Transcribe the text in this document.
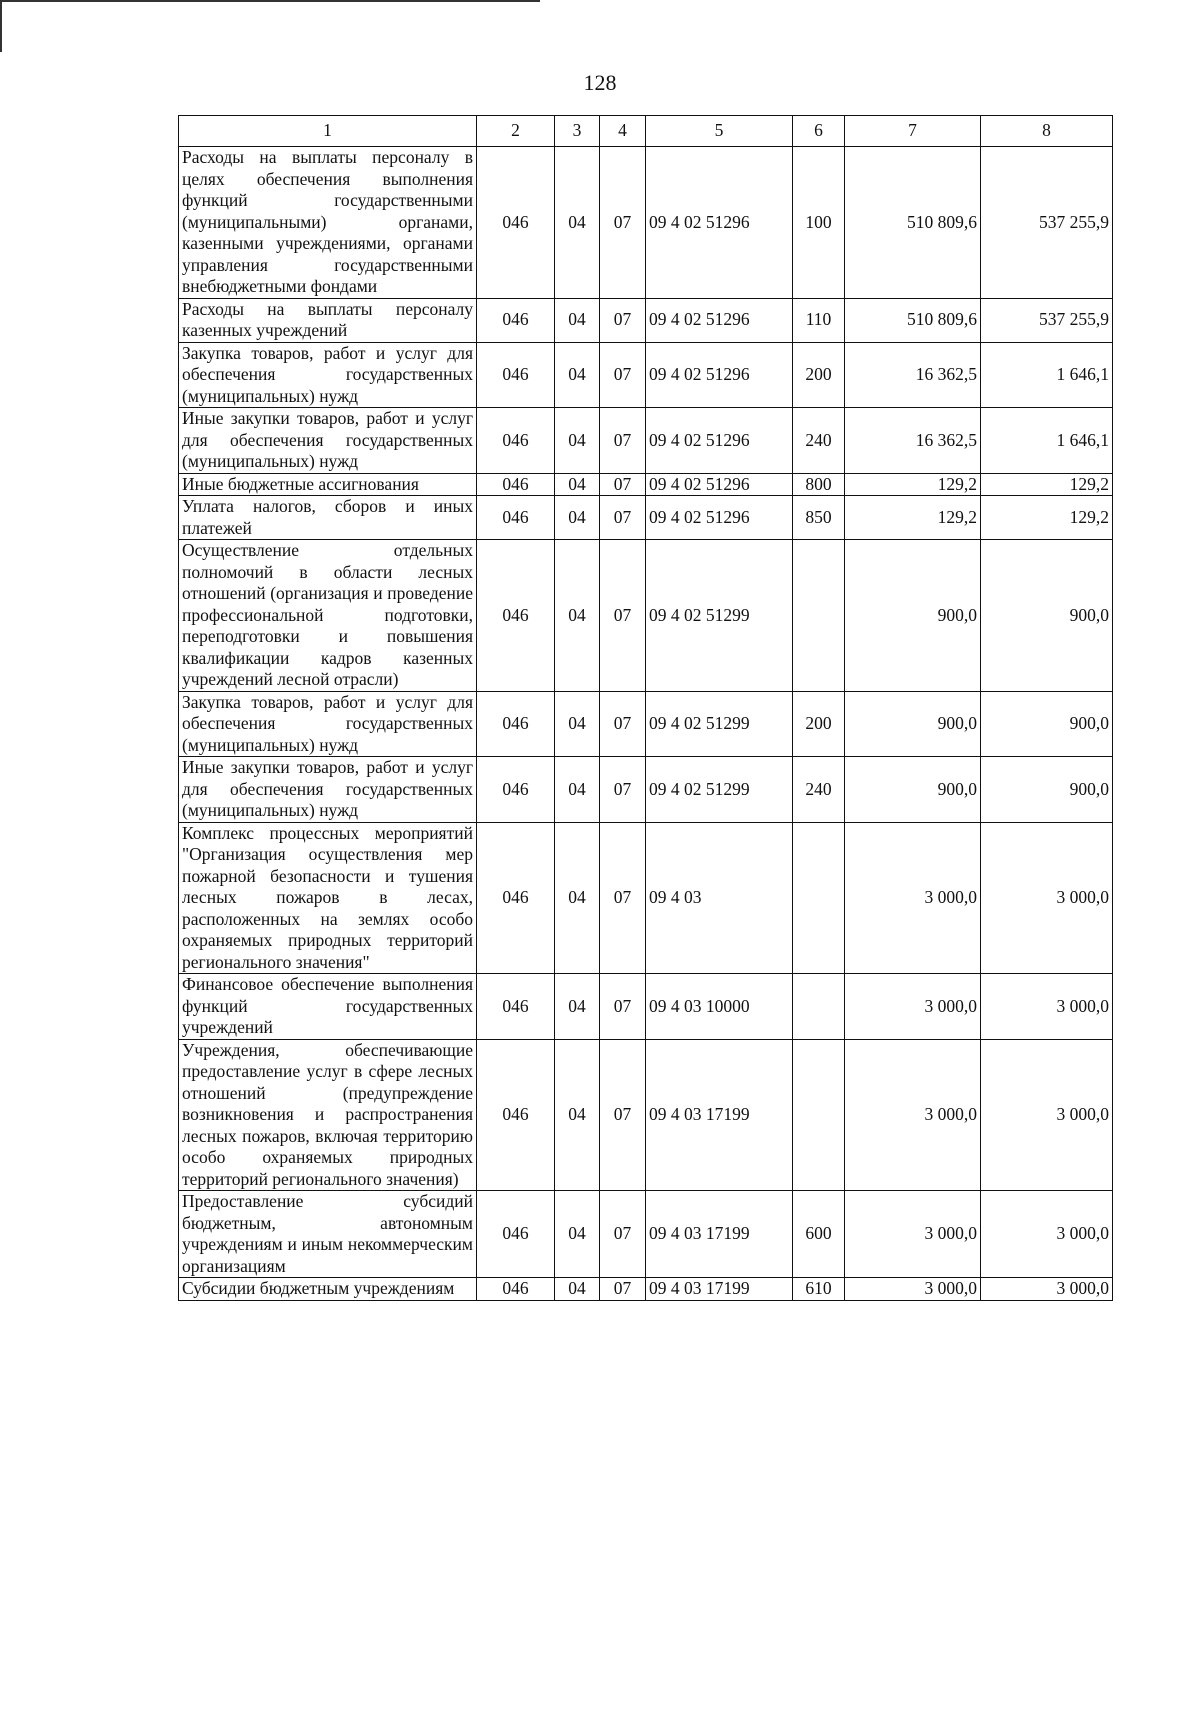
128
1	2	3	4	5	6	7	8
Расходы на выплаты персоналу в целях обеспечения выполнения функций государственными (муниципальными) органами, казенными учреждениями, органами управления государственными внебюджетными фондами	046	04	07	09 4 02 51296	100	510 809,6	537 255,9
Расходы на выплаты персоналу казенных учреждений	046	04	07	09 4 02 51296	110	510 809,6	537 255,9
Закупка товаров, работ и услуг для обеспечения государственных (муниципальных) нужд	046	04	07	09 4 02 51296	200	16 362,5	1 646,1
Иные закупки товаров, работ и услуг для обеспечения государственных (муниципальных) нужд	046	04	07	09 4 02 51296	240	16 362,5	1 646,1
Иные бюджетные ассигнования	046	04	07	09 4 02 51296	800	129,2	129,2
Уплата налогов, сборов и иных платежей	046	04	07	09 4 02 51296	850	129,2	129,2
Осуществление отдельных полномочий в области лесных отношений (организация и проведение профессиональной подготовки, переподготовки и повышения квалификации кадров казенных учреждений лесной отрасли)	046	04	07	09 4 02 51299		900,0	900,0
Закупка товаров, работ и услуг для обеспечения государственных (муниципальных) нужд	046	04	07	09 4 02 51299	200	900,0	900,0
Иные закупки товаров, работ и услуг для обеспечения государственных (муниципальных) нужд	046	04	07	09 4 02 51299	240	900,0	900,0
Комплекс процессных мероприятий "Организация осуществления мер пожарной безопасности и тушения лесных пожаров в лесах, расположенных на землях особо охраняемых природных территорий регионального значения"	046	04	07	09 4 03		3 000,0	3 000,0
Финансовое обеспечение выполнения функций государственных учреждений	046	04	07	09 4 03 10000		3 000,0	3 000,0
Учреждения, обеспечивающие предоставление услуг в сфере лесных отношений (предупреждение возникновения и распространения лесных пожаров, включая территорию особо охраняемых природных территорий регионального значения)	046	04	07	09 4 03 17199		3 000,0	3 000,0
Предоставление субсидий бюджетным, автономным учреждениям и иным некоммерческим организациям	046	04	07	09 4 03 17199	600	3 000,0	3 000,0
Субсидии бюджетным учреждениям	046	04	07	09 4 03 17199	610	3 000,0	3 000,0
